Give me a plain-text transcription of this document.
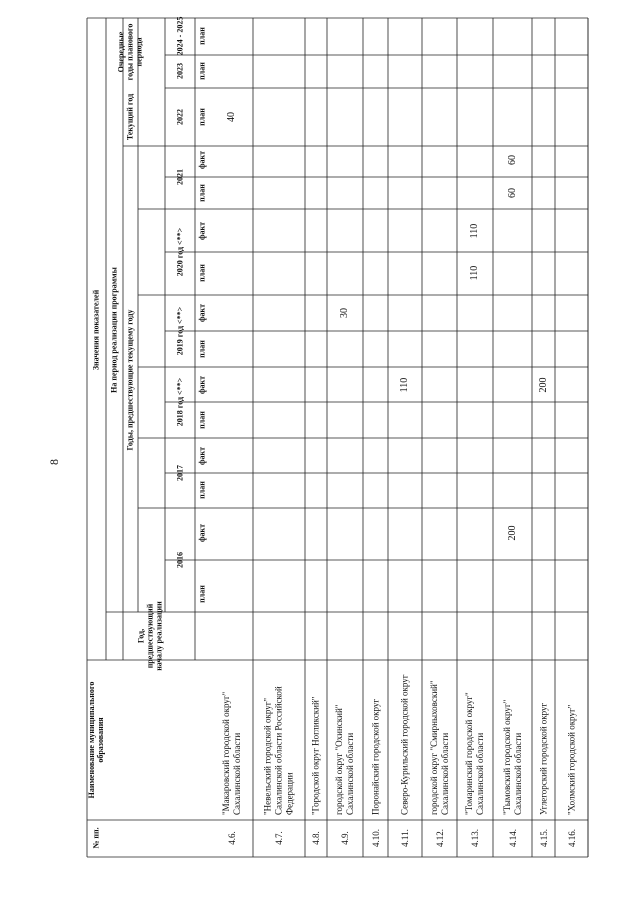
8
№ пп.
Наименование муниципального образования
Значения показателей На период реализации программы
Год, предшествующий началу реализации
Годы, предшествующие текущему году
Текущий год
Очередные годы планового периода
2016
2017
2018 год <**>
2019 год <**>
2020 год <**>
2021
2022
2023
2024 - 2025
план
факт
план
факт
план
факт
план
факт
план
факт
план
факт
план
план
план
4.6.
"Макаровский городской округ" Сахалинской области
40
4.7.
"Невельский городской округ" Сахалинской области Российской Федерации
4.8.
"Городской округ Ногликский"
4.9.
городской округ "Охинский" Сахалинской области
30
4.10.
Поронайский городской округ
4.11.
Северо-Курильский городской округ
110
4.12.
городской округ "Смирныховский" Сахалинской области
4.13.
"Томаринский городской округ" Сахалинской области
110
110
4.14.
"Тымовский городской округ" Сахалинской области
200
60
60
4.15.
Углегорский городской округ
200
4.16.
"Холмский городской округ"
